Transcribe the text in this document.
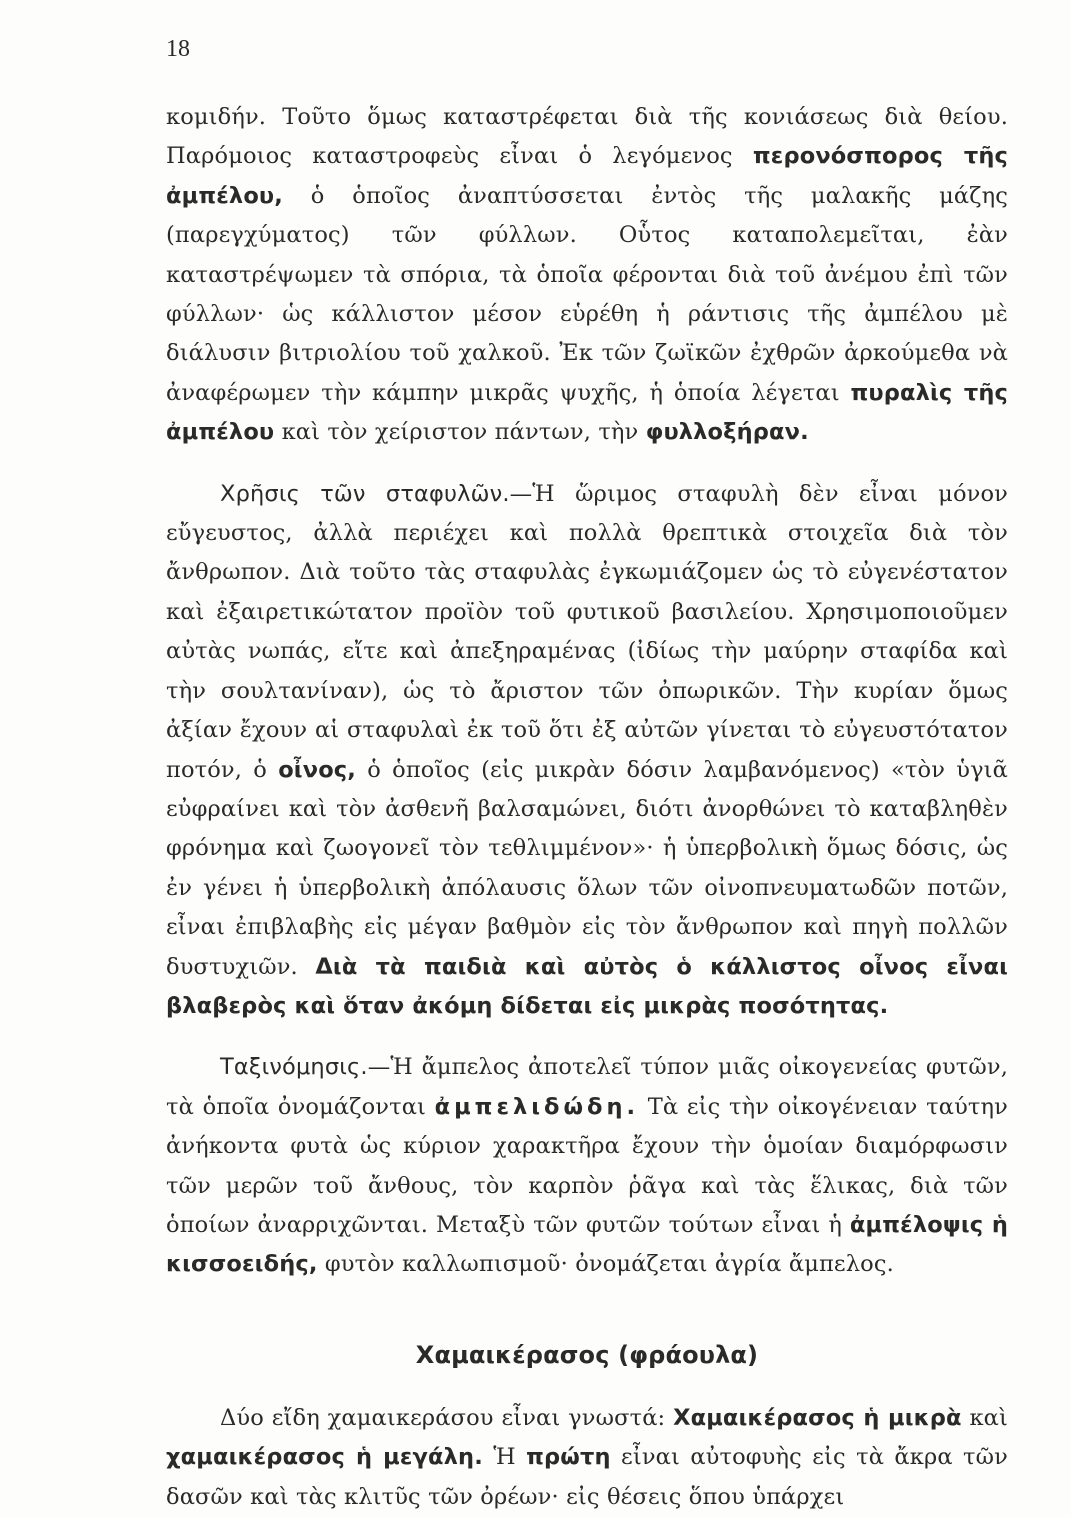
18

κομιδήν. Τοῦτο ὅμως καταστρέφεται διὰ τῆς κονιάσεως διὰ θείου. Παρόμοιος καταστροφεὺς εἶναι ὁ λεγόμενος περονόσπορος τῆς ἀμπέλου, ὁ ὁποῖος ἀναπτύσσεται ἐντὸς τῆς μαλακῆς μάζης (παρεγχύματος) τῶν φύλλων. Οὗτος καταπολεμεῖται, ἐὰν καταστρέψωμεν τὰ σπόρια, τὰ ὁποῖα φέρονται διὰ τοῦ ἀνέμου ἐπὶ τῶν φύλλων· ὡς κάλλιστον μέσον εὑρέθη ἡ ράντισις τῆς ἀμπέλου μὲ διάλυσιν βιτριολίου τοῦ χαλκοῦ. Ἐκ τῶν ζωϊκῶν ἐχθρῶν ἀρκούμεθα νὰ ἀναφέρωμεν τὴν κάμπην μικρᾶς ψυχῆς, ἡ ὁποία λέγεται πυραλὶς τῆς ἀμπέλου καὶ τὸν χείριστον πάντων, τὴν φυλλοξήραν.

Χρῆσις τῶν σταφυλῶν.—Ἡ ὥριμος σταφυλὴ δὲν εἶναι μόνον εὔγευστος, ἀλλὰ περιέχει καὶ πολλὰ θρεπτικὰ στοιχεῖα διὰ τὸν ἄνθρωπον. Διὰ τοῦτο τὰς σταφυλὰς ἐγκωμιάζομεν ὡς τὸ εὐγενέστατον καὶ ἐξαιρετικώτατον προϊὸν τοῦ φυτικοῦ βασιλείου. Χρησιμοποιοῦμεν αὐτὰς νωπάς, εἴτε καὶ ἀπεξηραμένας (ἰδίως τὴν μαύρην σταφίδα καὶ τὴν σουλτανίναν), ὡς τὸ ἄριστον τῶν ὀπωρικῶν. Τὴν κυρίαν ὅμως ἀξίαν ἔχουν αἱ σταφυλαὶ ἐκ τοῦ ὅτι ἐξ αὐτῶν γίνεται τὸ εὐγευστότατον ποτόν, ὁ οἶνος, ὁ ὁποῖος (εἰς μικρὰν δόσιν λαμβανόμενος) «τὸν ὑγιᾶ εὐφραίνει καὶ τὸν ἀσθενῆ βαλσαμώνει, διότι ἀνορθώνει τὸ καταβληθὲν φρόνημα καὶ ζωογονεῖ τὸν τεθλιμμένον»· ἡ ὑπερβολικὴ ὅμως δόσις, ὡς ἐν γένει ἡ ὑπερβολικὴ ἀπόλαυσις ὅλων τῶν οἰνοπνευματωδῶν ποτῶν, εἶναι ἐπιβλαβὴς εἰς μέγαν βαθμὸν εἰς τὸν ἄνθρωπον καὶ πηγὴ πολλῶν δυστυχιῶν. Διὰ τὰ παιδιὰ καὶ αὐτὸς ὁ κάλλιστος οἶνος εἶναι βλαβερὸς καὶ ὅταν ἀκόμη δίδεται εἰς μικρὰς ποσότητας.

Ταξινόμησις.—Ἡ ἄμπελος ἀποτελεῖ τύπον μιᾶς οἰκογενείας φυτῶν, τὰ ὁποῖα ὀνομάζονται ἀμπελιδώδη. Τὰ εἰς τὴν οἰκογένειαν ταύτην ἀνήκοντα φυτὰ ὡς κύριον χαρακτῆρα ἔχουν τὴν ὁμοίαν διαμόρφωσιν τῶν μερῶν τοῦ ἄνθους, τὸν καρπὸν ῥᾶγα καὶ τὰς ἕλικας, διὰ τῶν ὁποίων ἀναρριχῶνται. Μεταξὺ τῶν φυτῶν τούτων εἶναι ἡ ἀμπέλοψις ἡ κισσοειδής, φυτὸν καλλωπισμοῦ· ὀνομάζεται ἀγρία ἄμπελος.

Χαμαικέρασος (φράουλα)

Δύο εἴδη χαμαικεράσου εἶναι γνωστά: Χαμαικέρασος ἡ μικρὰ καὶ χαμαικέρασος ἡ μεγάλη. Ἡ πρώτη εἶναι αὐτοφυὴς εἰς τὰ ἄκρα τῶν δασῶν καὶ τὰς κλιτῦς τῶν ὀρέων· εἰς θέσεις ὅπου ὑπάρχει
